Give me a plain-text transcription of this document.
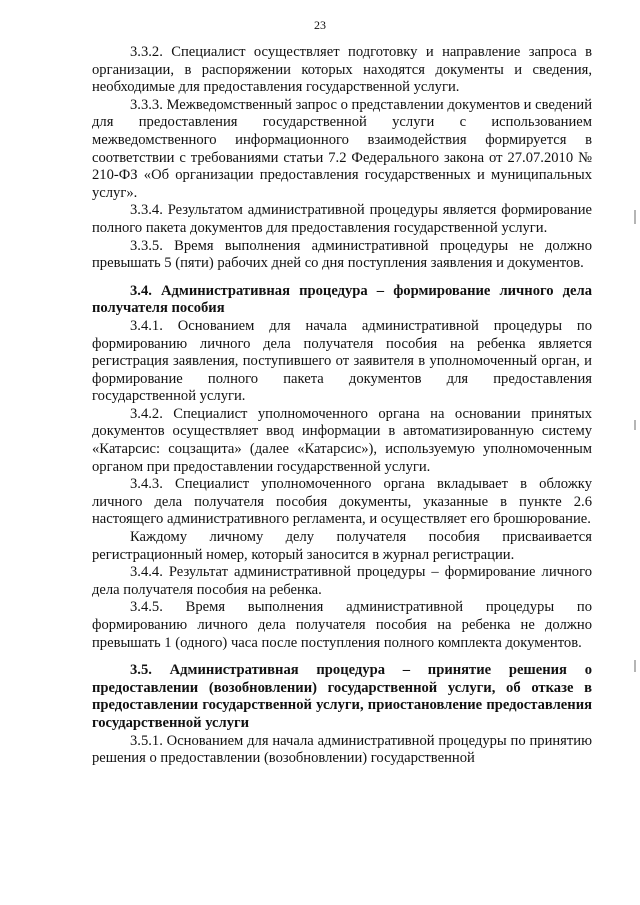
23

3.3.2. Специалист осуществляет подготовку и направление запроса в организации, в распоряжении которых находятся документы и сведения, необходимые для предоставления государственной услуги.

3.3.3. Межведомственный запрос о представлении документов и сведений для предоставления государственной услуги с использованием межведомственного информационного взаимодействия формируется в соответствии с требованиями статьи 7.2 Федерального закона от 27.07.2010 № 210-ФЗ «Об организации предоставления государственных и муниципальных услуг».

3.3.4. Результатом административной процедуры является формирование полного пакета документов для предоставления государственной услуги.

3.3.5. Время выполнения административной процедуры не должно превышать 5 (пяти) рабочих дней со дня поступления заявления и документов.

3.4. Административная процедура – формирование личного дела получателя пособия

3.4.1. Основанием для начала административной процедуры по формированию личного дела получателя пособия на ребенка является регистрация заявления, поступившего от заявителя в уполномоченный орган, и формирование полного пакета документов для предоставления государственной услуги.

3.4.2. Специалист уполномоченного органа на основании принятых документов осуществляет ввод информации в автоматизированную систему «Катарсис: соцзащита» (далее «Катарсис»), используемую уполномоченным органом при предоставлении государственной услуги.

3.4.3. Специалист уполномоченного органа вкладывает в обложку личного дела получателя пособия документы, указанные в пункте 2.6 настоящего административного регламента, и осуществляет его брошюрование.

Каждому личному делу получателя пособия присваивается регистрационный номер, который заносится в журнал регистрации.

3.4.4. Результат административной процедуры – формирование личного дела получателя пособия на ребенка.

3.4.5. Время выполнения административной процедуры по формированию личного дела получателя пособия на ребенка не должно превышать 1 (одного) часа после поступления полного комплекта документов.

3.5. Административная процедура – принятие решения о предоставлении (возобновлении) государственной услуги, об отказе в предоставлении государственной услуги, приостановление предоставления государственной услуги

3.5.1. Основанием для начала административной процедуры по принятию решения о предоставлении (возобновлении) государственной
